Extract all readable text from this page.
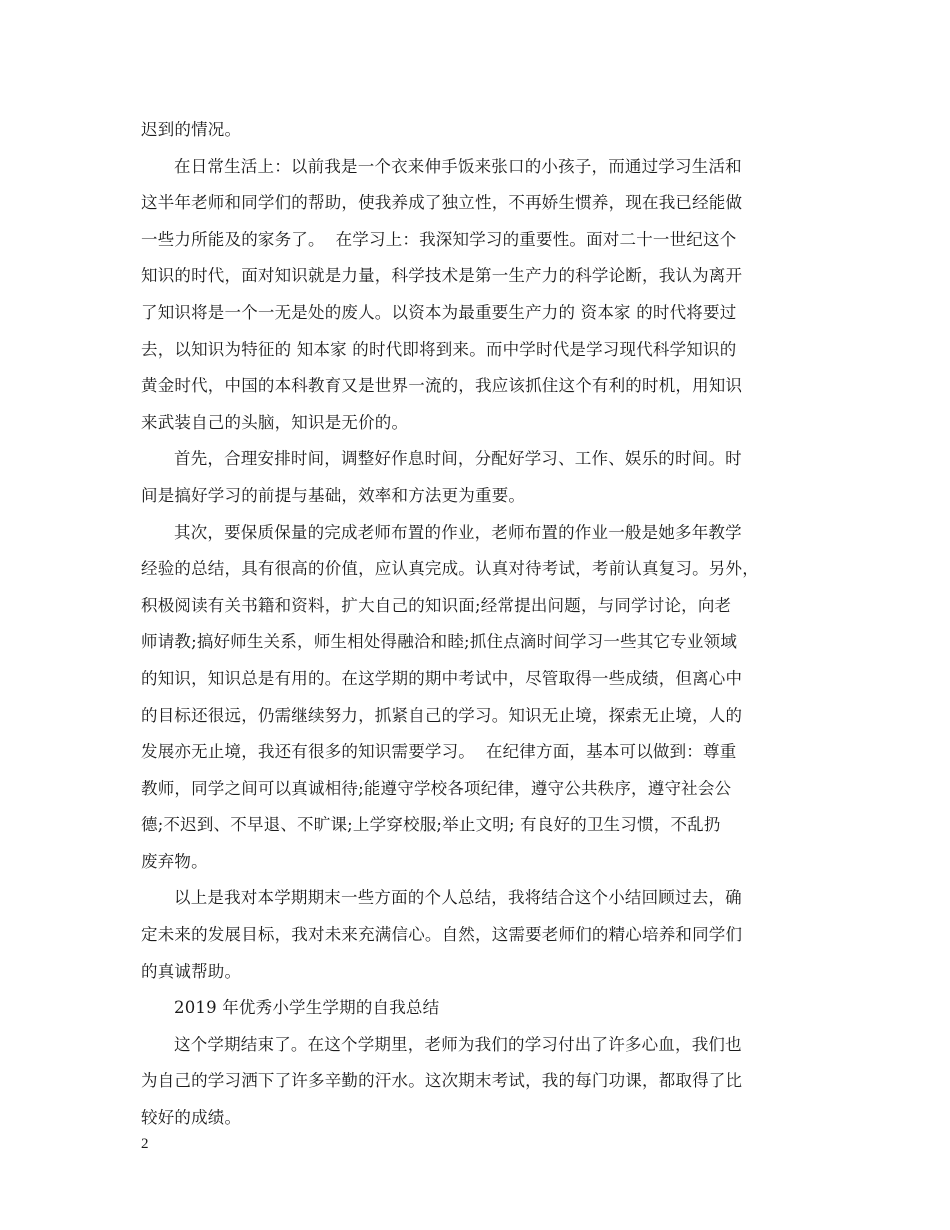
迟到的情况。
在日常生活上：以前我是一个衣来伸手饭来张口的小孩子，而通过学习生活和
这半年老师和同学们的帮助，使我养成了独立性，不再娇生惯养，现在我已经能做
一些力所能及的家务了。  在学习上：我深知学习的重要性。面对二十一世纪这个
知识的时代，面对知识就是力量，科学技术是第一生产力的科学论断，我认为离开
了知识将是一个一无是处的废人。以资本为最重要生产力的 资本家 的时代将要过
去，以知识为特征的 知本家 的时代即将到来。而中学时代是学习现代科学知识的
黄金时代，中国的本科教育又是世界一流的，我应该抓住这个有利的时机，用知识
来武装自己的头脑，知识是无价的。
首先，合理安排时间，调整好作息时间，分配好学习、工作、娱乐的时间。时
间是搞好学习的前提与基础，效率和方法更为重要。
其次，要保质保量的完成老师布置的作业，老师布置的作业一般是她多年教学
经验的总结，具有很高的价值，应认真完成。认真对待考试，考前认真复习。另外，
积极阅读有关书籍和资料，扩大自己的知识面;经常提出问题，与同学讨论，向老
师请教;搞好师生关系，师生相处得融洽和睦;抓住点滴时间学习一些其它专业领域
的知识，知识总是有用的。在这学期的期中考试中，尽管取得一些成绩，但离心中
的目标还很远，仍需继续努力，抓紧自己的学习。知识无止境，探索无止境，人的
发展亦无止境，我还有很多的知识需要学习。  在纪律方面，基本可以做到：尊重
教师，同学之间可以真诚相待;能遵守学校各项纪律，遵守公共秩序，遵守社会公
德;不迟到、不早退、不旷课;上学穿校服;举止文明; 有良好的卫生习惯，不乱扔
废弃物。
以上是我对本学期期末一些方面的个人总结，我将结合这个小结回顾过去，确
定未来的发展目标，我对未来充满信心。自然，这需要老师们的精心培养和同学们
的真诚帮助。
2019 年优秀小学生学期的自我总结
这个学期结束了。在这个学期里，老师为我们的学习付出了许多心血，我们也
为自己的学习洒下了许多辛勤的汗水。这次期末考试，我的每门功课，都取得了比
较好的成绩。
2
